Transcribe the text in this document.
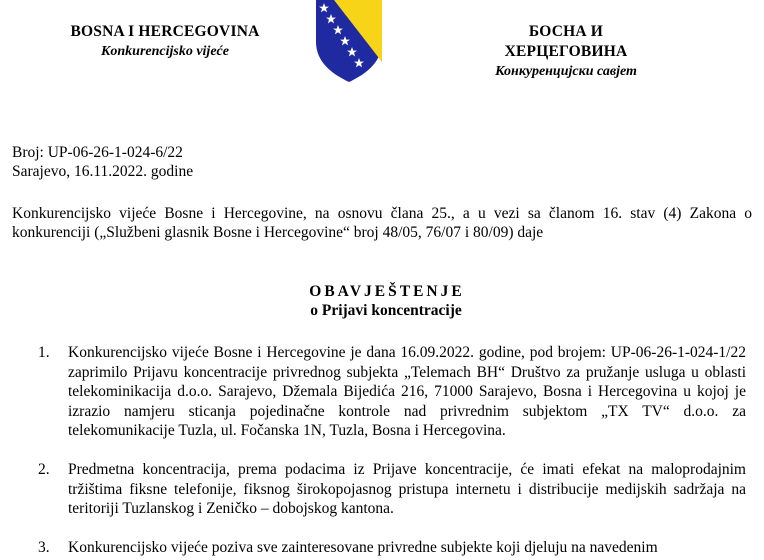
BOSNA I HERCEGOVINA
Konkurencijsko vijeće
БОСНА И ХЕРЦЕГОВИНА
Конкуренцијски савјет
Broj: UP-06-26-1-024-6/22
Sarajevo, 16.11.2022. godine

Konkurencijsko vijeće Bosne i Hercegovine, na osnovu člana 25., a u vezi sa članom 16. stav (4) Zakona o konkurenciji („Službeni glasnik Bosne i Hercegovine“ broj 48/05, 76/07 i 80/09) daje

OBAVJEŠTENJE
o Prijavi koncentracije
1.	Konkurencijsko vijeće Bosne i Hercegovine je dana 16.09.2022. godine, pod brojem: UP-06-26-1-024-1/22 zaprimilo Prijavu koncentracije privrednog subjekta „Telemach BH“ Društvo za pružanje usluga u oblasti telekominikacija d.o.o. Sarajevo, Džemala Bijedića 216, 71000 Sarajevo, Bosna i Hercegovina u kojoj je izrazio namjeru sticanja pojedinačne kontrole nad privrednim subjektom „TX TV“ d.o.o. za telekomunikacije Tuzla, ul. Fočanska 1N, Tuzla, Bosna i Hercegovina.
2.	Predmetna koncentracija, prema podacima iz Prijave koncentracije, će imati efekat na maloprodajnim tržištima fiksne telefonije, fiksnog širokopojasnog pristupa internetu i distribucije medijskih sadržaja na teritoriji Tuzlanskog i Zeničko – dobojskog kantona.
3.	Konkurencijsko vijeće poziva sve zainteresovane privredne subjekte koji djeluju na navedenim
